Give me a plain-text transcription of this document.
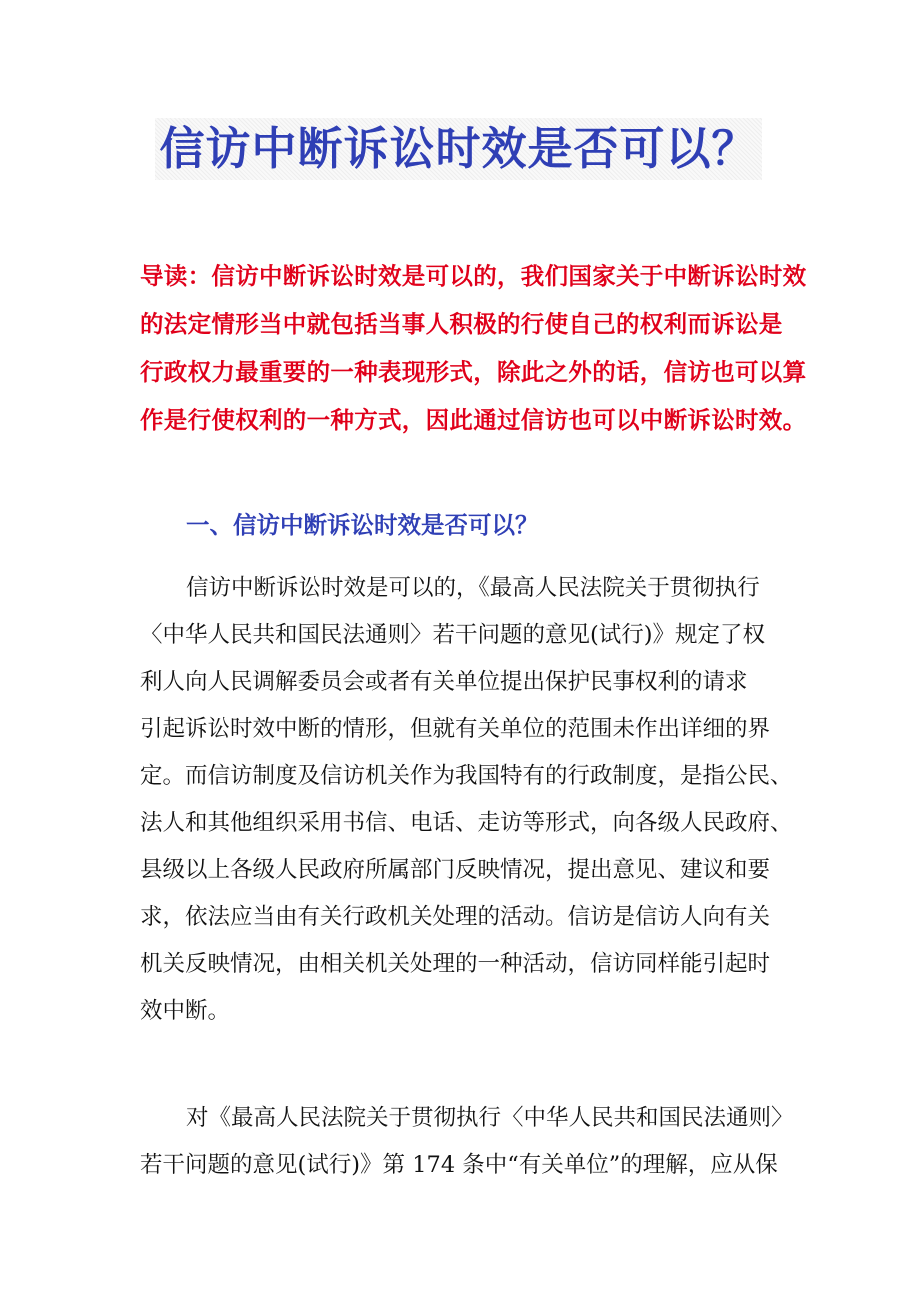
信访中断诉讼时效是否可以？
导读：信访中断诉讼时效是可以的，我们国家关于中断诉讼时效
的法定情形当中就包括当事人积极的行使自己的权利而诉讼是
行政权力最重要的一种表现形式，除此之外的话，信访也可以算
作是行使权利的一种方式，因此通过信访也可以中断诉讼时效。
一、信访中断诉讼时效是否可以？
信访中断诉讼时效是可以的，《最高人民法院关于贯彻执行
〈中华人民共和国民法通则〉若干问题的意见(试行)》规定了权
利人向人民调解委员会或者有关单位提出保护民事权利的请求
引起诉讼时效中断的情形，但就有关单位的范围未作出详细的界
定。而信访制度及信访机关作为我国特有的行政制度，是指公民、
法人和其他组织采用书信、电话、走访等形式，向各级人民政府、
县级以上各级人民政府所属部门反映情况，提出意见、建议和要
求，依法应当由有关行政机关处理的活动。信访是信访人向有关
机关反映情况，由相关机关处理的一种活动，信访同样能引起时
效中断。
对《最高人民法院关于贯彻执行〈中华人民共和国民法通则〉
若干问题的意见(试行)》第 174 条中“有关单位”的理解，应从保
